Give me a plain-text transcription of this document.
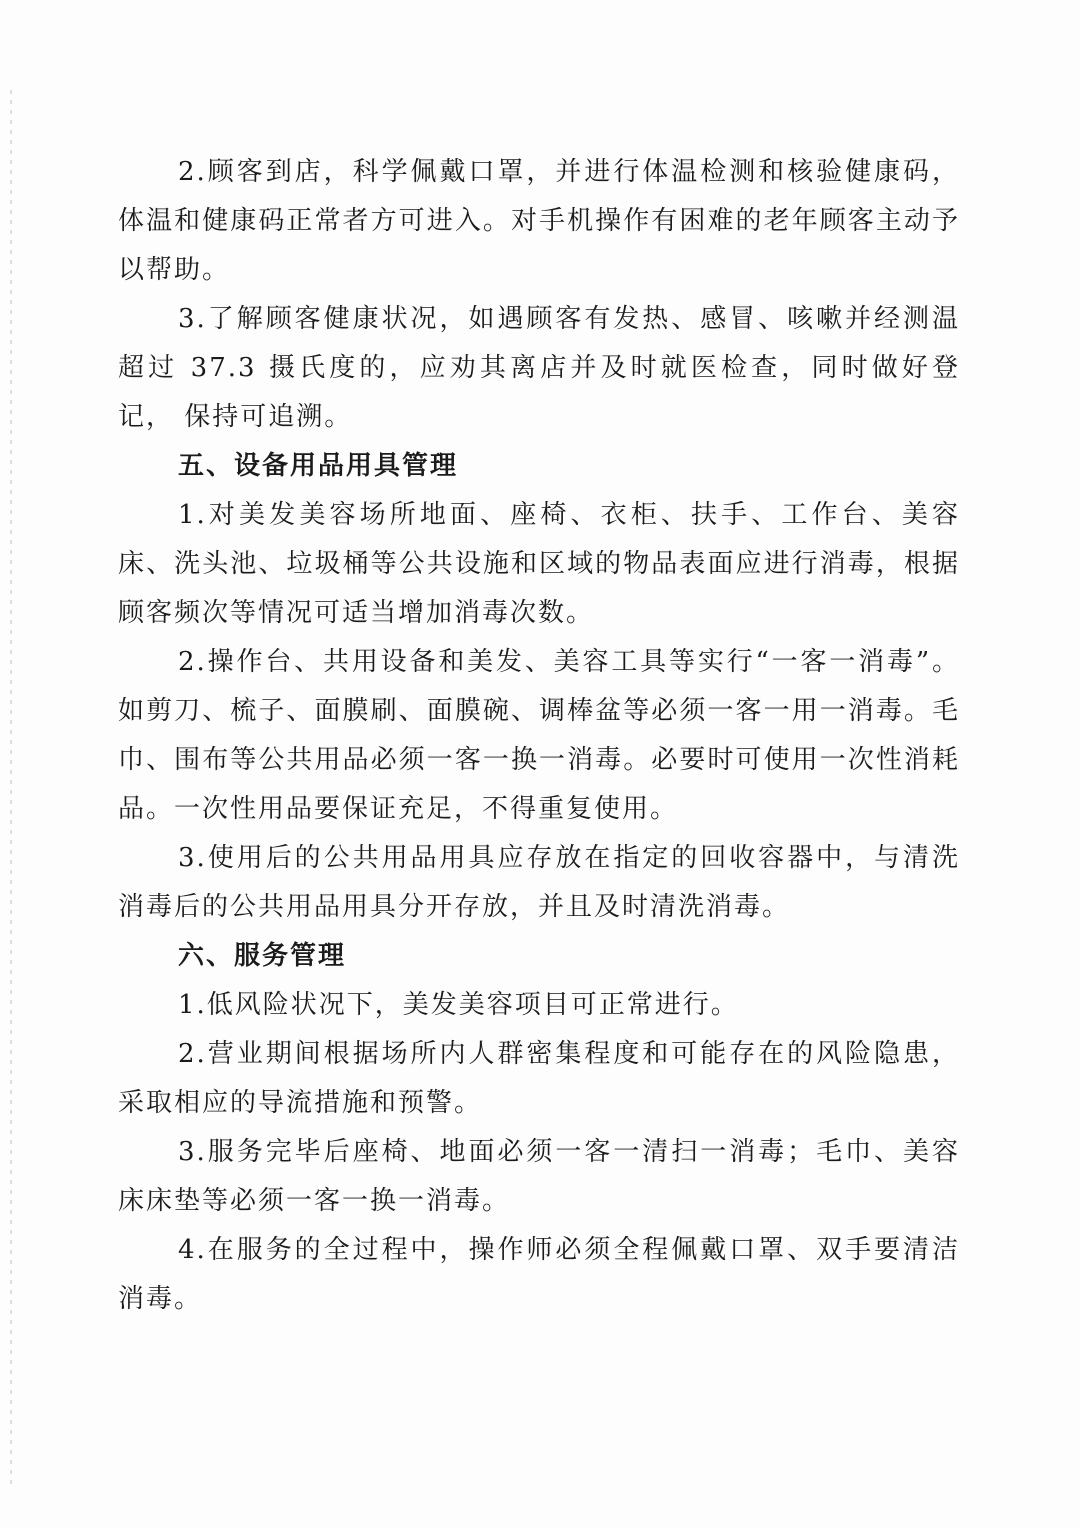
2.顾客到店，科学佩戴口罩，并进行体温检测和核验健康码，体温和健康码正常者方可进入。对手机操作有困难的老年顾客主动予以帮助。

3.了解顾客健康状况，如遇顾客有发热、感冒、咳嗽并经测温超过 37.3 摄氏度的，应劝其离店并及时就医检查，同时做好登记， 保持可追溯。

五、设备用品用具管理

1.对美发美容场所地面、座椅、衣柜、扶手、工作台、美容床、洗头池、垃圾桶等公共设施和区域的物品表面应进行消毒，根据顾客频次等情况可适当增加消毒次数。

2.操作台、共用设备和美发、美容工具等实行“一客一消毒”。如剪刀、梳子、面膜刷、面膜碗、调棒盆等必须一客一用一消毒。毛巾、围布等公共用品必须一客一换一消毒。必要时可使用一次性消耗品。一次性用品要保证充足，不得重复使用。

3.使用后的公共用品用具应存放在指定的回收容器中，与清洗消毒后的公共用品用具分开存放，并且及时清洗消毒。

六、服务管理

1.低风险状况下，美发美容项目可正常进行。

2.营业期间根据场所内人群密集程度和可能存在的风险隐患，采取相应的导流措施和预警。

3.服务完毕后座椅、地面必须一客一清扫一消毒；毛巾、美容床床垫等必须一客一换一消毒。

4.在服务的全过程中，操作师必须全程佩戴口罩、双手要清洁消毒。
